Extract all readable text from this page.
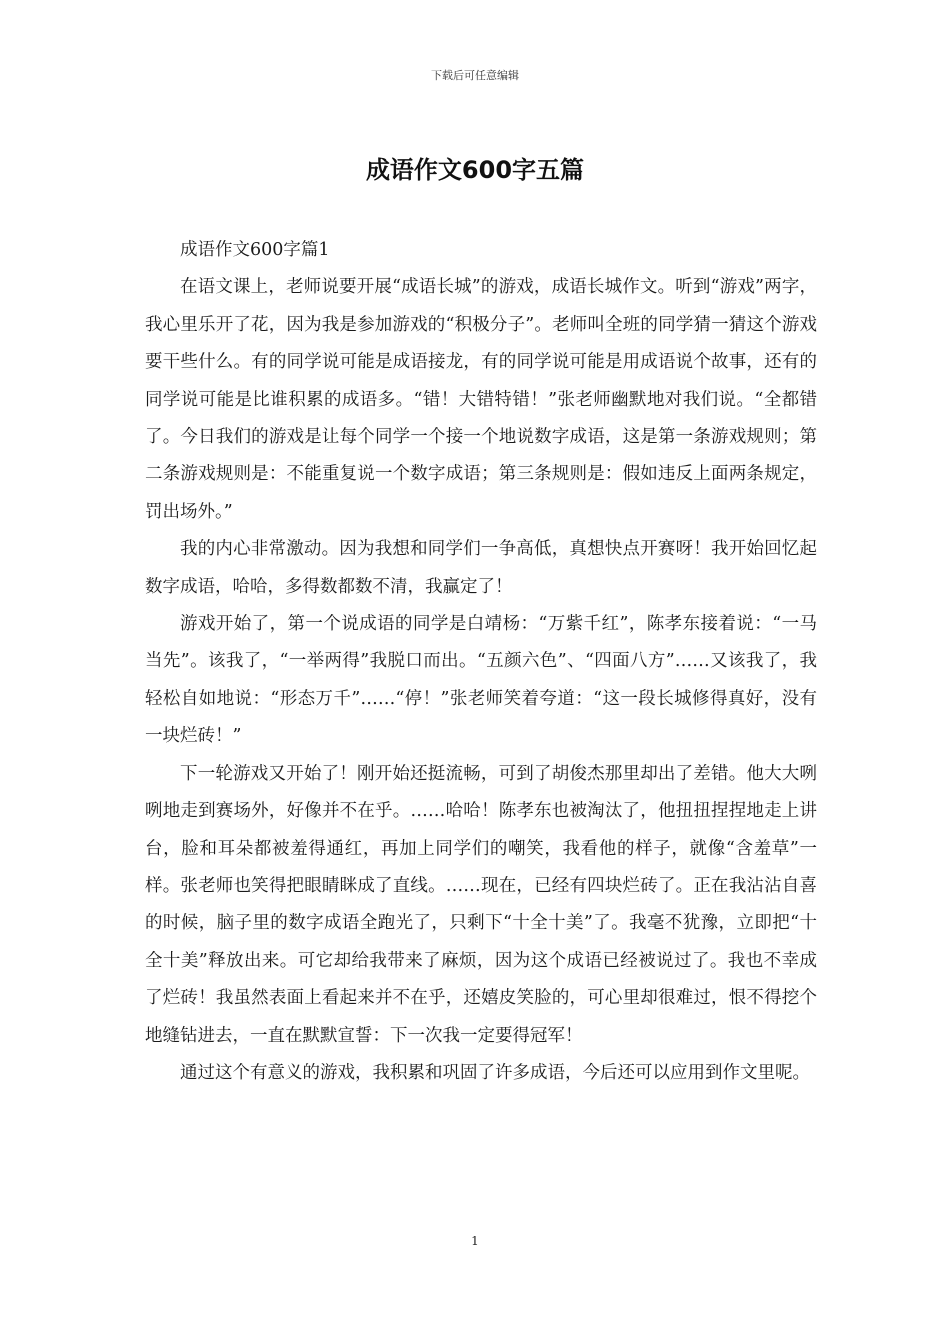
下载后可任意编辑
成语作文600字五篇

成语作文600字篇1

在语文课上，老师说要开展“成语长城”的游戏，成语长城作文。听到“游戏”两字，我心里乐开了花，因为我是参加游戏的“积极分子”。老师叫全班的同学猜一猜这个游戏要干些什么。有的同学说可能是成语接龙，有的同学说可能是用成语说个故事，还有的同学说可能是比谁积累的成语多。“错！大错特错！”张老师幽默地对我们说。“全都错了。今日我们的游戏是让每个同学一个接一个地说数字成语，这是第一条游戏规则；第二条游戏规则是：不能重复说一个数字成语；第三条规则是：假如违反上面两条规定，罚出场外。”

我的内心非常激动。因为我想和同学们一争高低，真想快点开赛呀！我开始回忆起数字成语，哈哈，多得数都数不清，我赢定了！

游戏开始了，第一个说成语的同学是白靖杨：“万紫千红”，陈孝东接着说：“一马当先”。该我了，“一举两得”我脱口而出。“五颜六色”、“四面八方”……又该我了，我轻松自如地说：“形态万千”……“停！”张老师笑着夸道：“这一段长城修得真好，没有一块烂砖！”

下一轮游戏又开始了！刚开始还挺流畅，可到了胡俊杰那里却出了差错。他大大咧咧地走到赛场外，好像并不在乎。……哈哈！陈孝东也被淘汰了，他扭扭捏捏地走上讲台，脸和耳朵都被羞得通红，再加上同学们的嘲笑，我看他的样子，就像“含羞草”一样。张老师也笑得把眼睛眯成了直线。……现在，已经有四块烂砖了。正在我沾沾自喜的时候，脑子里的数字成语全跑光了，只剩下“十全十美”了。我毫不犹豫，立即把“十全十美”释放出来。可它却给我带来了麻烦，因为这个成语已经被说过了。我也不幸成了烂砖！我虽然表面上看起来并不在乎，还嬉皮笑脸的，可心里却很难过，恨不得挖个地缝钻进去，一直在默默宣誓：下一次我一定要得冠军！

通过这个有意义的游戏，我积累和巩固了许多成语，今后还可以应用到作文里呢。

1
